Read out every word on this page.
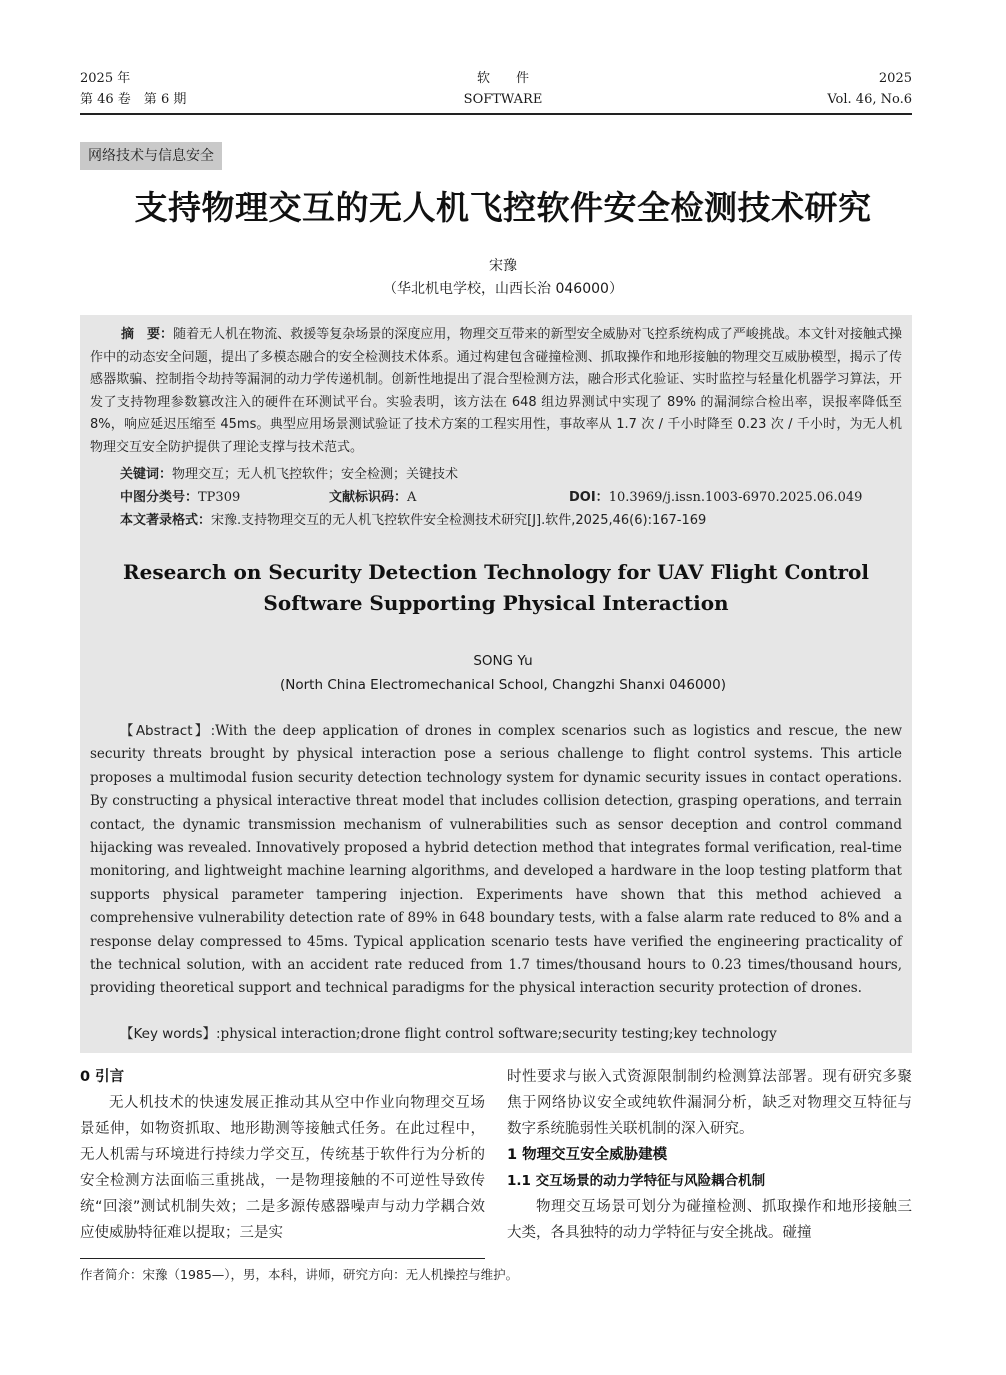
2025 年
第 46 卷　第 6 期
软件
SOFTWARE
2025
Vol. 46, No.6
网络技术与信息安全
支持物理交互的无人机飞控软件安全检测技术研究
宋豫
（华北机电学校，山西长治 046000）
摘　要：随着无人机在物流、救援等复杂场景的深度应用，物理交互带来的新型安全威胁对飞控系统构成了严峻挑战。本文针对接触式操作中的动态安全问题，提出了多模态融合的安全检测技术体系。通过构建包含碰撞检测、抓取操作和地形接触的物理交互威胁模型，揭示了传感器欺骗、控制指令劫持等漏洞的动力学传递机制。创新性地提出了混合型检测方法，融合形式化验证、实时监控与轻量化机器学习算法，开发了支持物理参数篡改注入的硬件在环测试平台。实验表明，该方法在 648 组边界测试中实现了 89% 的漏洞综合检出率，误报率降低至 8%，响应延迟压缩至 45ms。典型应用场景测试验证了技术方案的工程实用性，事故率从 1.7 次 / 千小时降至 0.23 次 / 千小时，为无人机物理交互安全防护提供了理论支撑与技术范式。
关键词：物理交互；无人机飞控软件；安全检测；关键技术
中图分类号：TP309	文献标识码：A	DOI：10.3969/j.issn.1003-6970.2025.06.049
本文著录格式：宋豫.支持物理交互的无人机飞控软件安全检测技术研究[J].软件,2025,46(6):167-169
Research on Security Detection Technology for UAV Flight Control Software Supporting Physical Interaction
SONG Yu
(North China Electromechanical School, Changzhi Shanxi 046000)
【Abstract】:With the deep application of drones in complex scenarios such as logistics and rescue, the new security threats brought by physical interaction pose a serious challenge to flight control systems. This article proposes a multimodal fusion security detection technology system for dynamic security issues in contact operations. By constructing a physical interactive threat model that includes collision detection, grasping operations, and terrain contact, the dynamic transmission mechanism of vulnerabilities such as sensor deception and control command hijacking was revealed. Innovatively proposed a hybrid detection method that integrates formal verification, real-time monitoring, and lightweight machine learning algorithms, and developed a hardware in the loop testing platform that supports physical parameter tampering injection. Experiments have shown that this method achieved a comprehensive vulnerability detection rate of 89% in 648 boundary tests, with a false alarm rate reduced to 8% and a response delay compressed to 45ms. Typical application scenario tests have verified the engineering practicality of the technical solution, with an accident rate reduced from 1.7 times/thousand hours to 0.23 times/thousand hours, providing theoretical support and technical paradigms for the physical interaction security protection of drones.
【Key words】:physical interaction;drone flight control software;security testing;key technology
0 引言
无人机技术的快速发展正推动其从空中作业向物理交互场景延伸，如物资抓取、地形勘测等接触式任务。在此过程中，无人机需与环境进行持续力学交互，传统基于软件行为分析的安全检测方法面临三重挑战，一是物理接触的不可逆性导致传统“回滚”测试机制失效；二是多源传感器噪声与动力学耦合效应使威胁特征难以提取；三是实
时性要求与嵌入式资源限制制约检测算法部署。现有研究多聚焦于网络协议安全或纯软件漏洞分析，缺乏对物理交互特征与数字系统脆弱性关联机制的深入研究。
1 物理交互安全威胁建模
1.1 交互场景的动力学特征与风险耦合机制
物理交互场景可划分为碰撞检测、抓取操作和地形接触三大类，各具独特的动力学特征与安全挑战。碰撞
作者简介：宋豫（1985—），男，本科，讲师，研究方向：无人机操控与维护。
